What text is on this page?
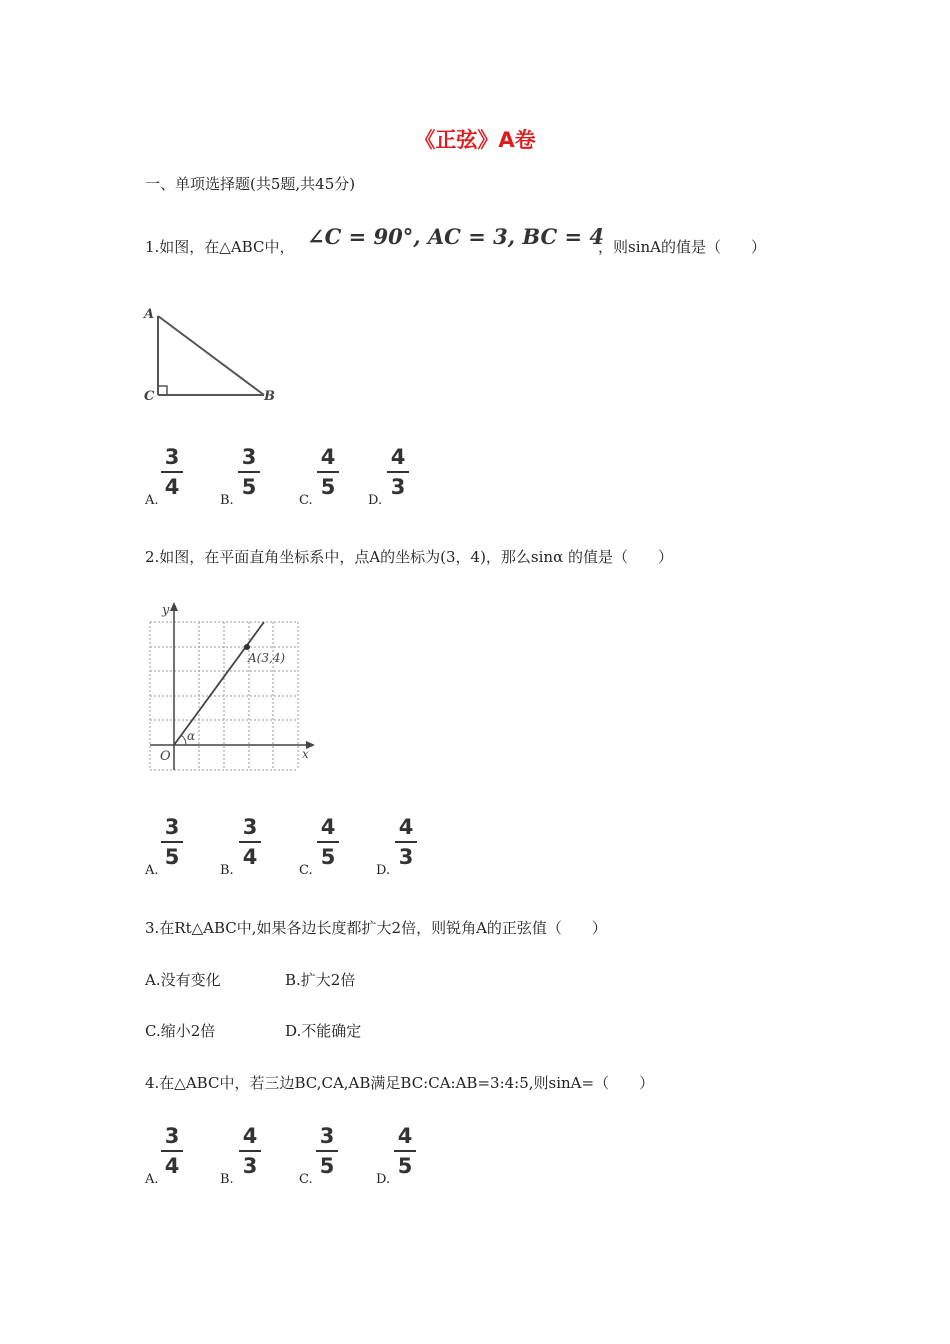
《正弦》A卷
一、单项选择题(共5题,共45分)
1.如图，在△ABC中， ∠C = 90°, AC = 3, BC = 4
，则sinA的值是（　　）
A
C	B
A.
3
4
B.
3
5
C.
4
5
D.
4
3
2.如图，在平面直角坐标系中，点A的坐标为(3，4)，那么sinα 的值是（　　）
y
x
O
α
A(3,4)
A.
3
5
B.
3
4
C.
4
5
D.
4
3
3.在Rt△ABC中,如果各边长度都扩大2倍，则锐角A的正弦值（　　）
A.没有变化	B.扩大2倍
C.缩小2倍	D.不能确定
4.在△ABC中，若三边BC,CA,AB满足BC:CA:AB=3:4:5,则sinA=（　　）
A.
3
4
B.
4
3
C.
3
5
D.
4
5
